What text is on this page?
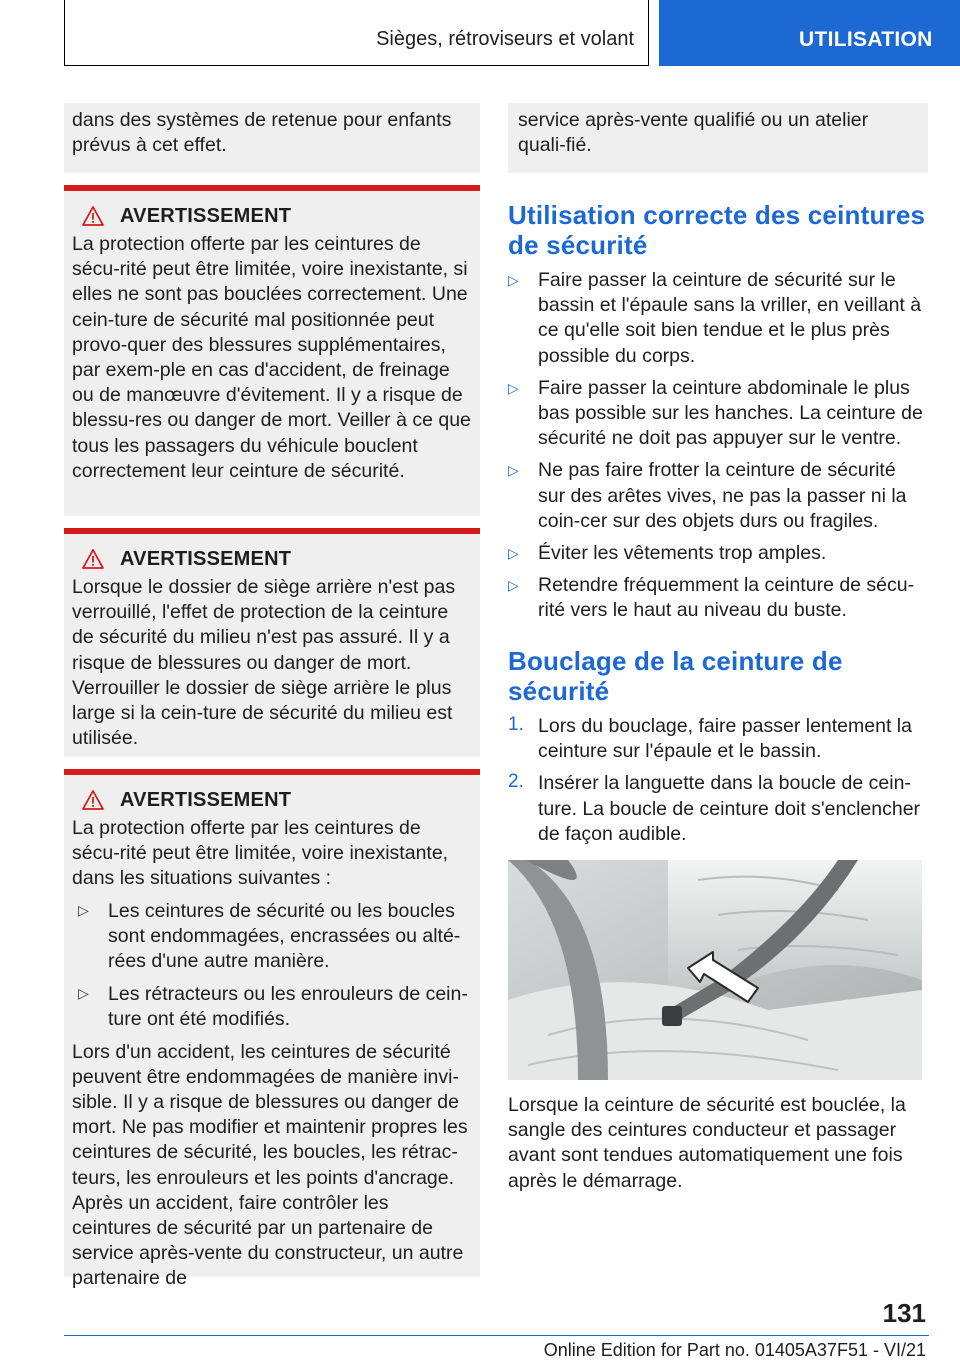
Sièges, rétroviseurs et volant	UTILISATION

dans des systèmes de retenue pour enfants prévus à cet effet.

AVERTISSEMENT

La protection offerte par les ceintures de sécu-rité peut être limitée, voire inexistante, si elles ne sont pas bouclées correctement. Une cein-ture de sécurité mal positionnée peut provo-quer des blessures supplémentaires, par exem-ple en cas d'accident, de freinage ou de manœuvre d'évitement. Il y a risque de blessu-res ou danger de mort. Veiller à ce que tous les passagers du véhicule bouclent correctement leur ceinture de sécurité.

AVERTISSEMENT

Lorsque le dossier de siège arrière n'est pas verrouillé, l'effet de protection de la ceinture de sécurité du milieu n'est pas assuré. Il y a risque de blessures ou danger de mort. Verrouiller le dossier de siège arrière le plus large si la cein-ture de sécurité du milieu est utilisée.

AVERTISSEMENT

La protection offerte par les ceintures de sécu-rité peut être limitée, voire inexistante, dans les situations suivantes :

▷ Les ceintures de sécurité ou les boucles sont endommagées, encrassées ou alté-rées d'une autre manière.

▷ Les rétracteurs ou les enrouleurs de cein-ture ont été modifiés.

Lors d'un accident, les ceintures de sécurité peuvent être endommagées de manière invi-sible. Il y a risque de blessures ou danger de mort. Ne pas modifier et maintenir propres les ceintures de sécurité, les boucles, les rétrac-teurs, les enrouleurs et les points d'ancrage. Après un accident, faire contrôler les ceintures de sécurité par un partenaire de service après-vente du constructeur, un autre partenaire de

service après-vente qualifié ou un atelier quali-fié.

Utilisation correcte des ceintures de sécurité
▷ Faire passer la ceinture de sécurité sur le bassin et l'épaule sans la vriller, en veillant à ce qu'elle soit bien tendue et le plus près possible du corps.

▷ Faire passer la ceinture abdominale le plus bas possible sur les hanches. La ceinture de sécurité ne doit pas appuyer sur le ventre.

▷ Ne pas faire frotter la ceinture de sécurité sur des arêtes vives, ne pas la passer ni la coin-cer sur des objets durs ou fragiles.

▷ Éviter les vêtements trop amples.

▷ Retendre fréquemment la ceinture de sécu-rité vers le haut au niveau du buste.

Bouclage de la ceinture de sécurité
1. Lors du bouclage, faire passer lentement la ceinture sur l'épaule et le bassin.

2. Insérer la languette dans la boucle de cein-ture. La boucle de ceinture doit s'enclencher de façon audible.

Lorsque la ceinture de sécurité est bouclée, la sangle des ceintures conducteur et passager avant sont tendues automatiquement une fois après le démarrage.

131
Online Edition for Part no. 01405A37F51 - VI/21
